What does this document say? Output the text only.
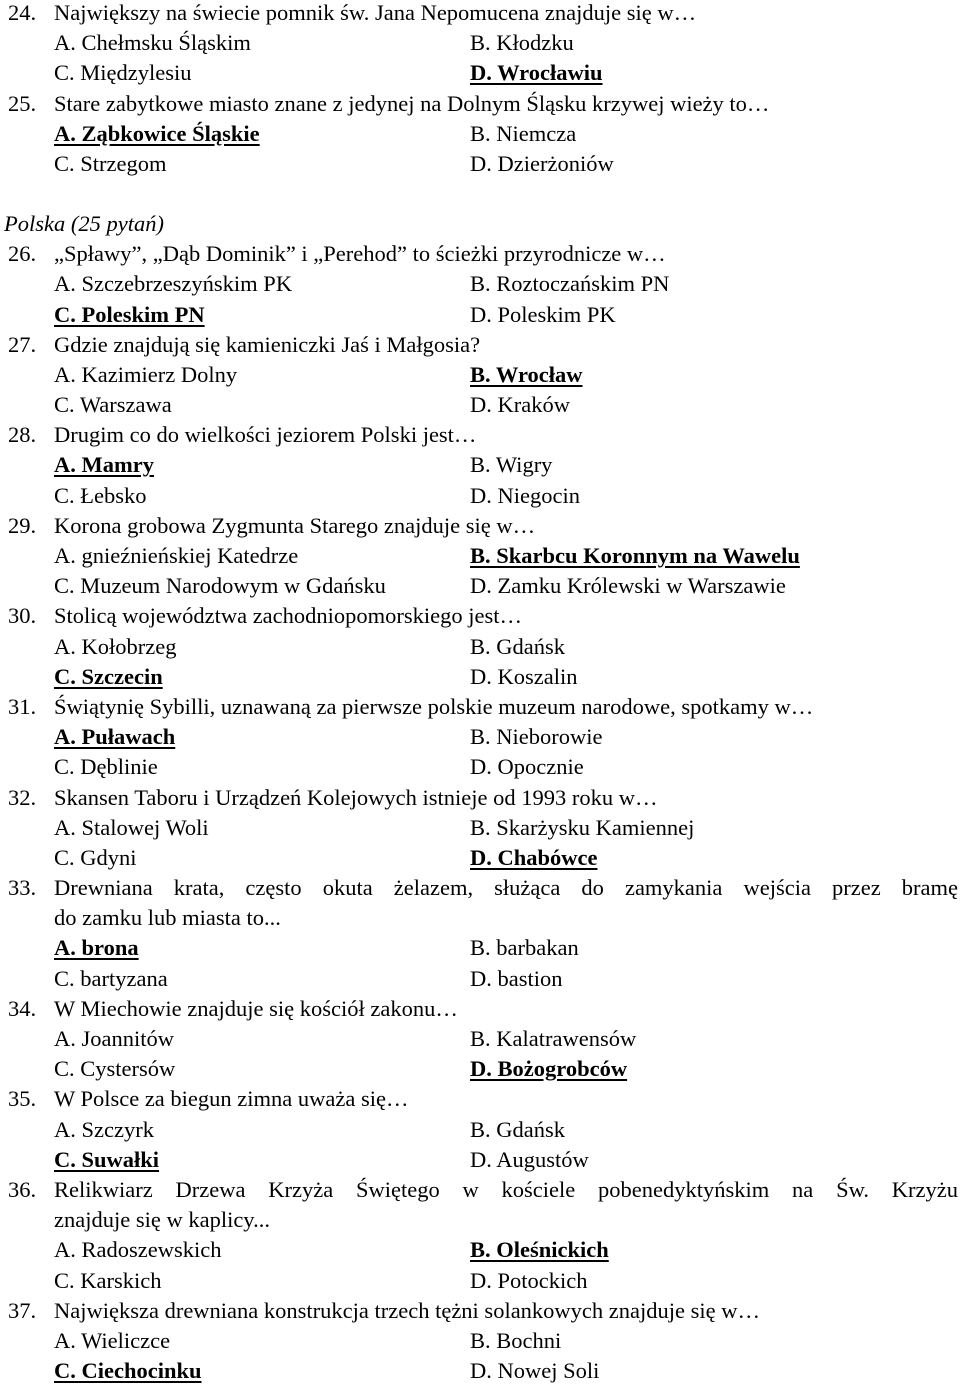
24. Największy na świecie pomnik św. Jana Nepomucena znajduje się w…
A. Chełmsku Śląskim	B. Kłodzku
C. Międzylesiu	D. Wrocławiu
25. Stare zabytkowe miasto znane z jedynej na Dolnym Śląsku krzywej wieży to…
A. Ząbkowice Śląskie	B. Niemcza
C. Strzegom	D. Dzierżoniów
Polska (25 pytań)
26. „Spławy”, „Dąb Dominik” i „Perehod” to ścieżki przyrodnicze w…
A. Szczebrzeszyńskim PK	B. Roztoczańskim PN
C. Poleskim PN	D. Poleskim PK
27. Gdzie znajdują się kamieniczki Jaś i Małgosia?
A. Kazimierz Dolny	B. Wrocław
C. Warszawa	D. Kraków
28. Drugim co do wielkości jeziorem Polski jest…
A. Mamry	B. Wigry
C. Łebsko	D. Niegocin
29. Korona grobowa Zygmunta Starego znajduje się w…
A. gnieźnieńskiej Katedrze	B. Skarbcu Koronnym na Wawelu
C. Muzeum Narodowym w Gdańsku	D. Zamku Królewski w Warszawie
30. Stolicą województwa zachodniopomorskiego jest…
A. Kołobrzeg	B. Gdańsk
C. Szczecin	D. Koszalin
31. Świątynię Sybilli, uznawaną za pierwsze polskie muzeum narodowe, spotkamy w…
A. Puławach	B. Nieborowie
C. Dęblinie	D. Opocznie
32. Skansen Taboru i Urządzeń Kolejowych istnieje od 1993 roku w…
A. Stalowej Woli	B. Skarżysku Kamiennej
C. Gdyni	D. Chabówce
33. Drewniana krata, często okuta żelazem, służąca do zamykania wejścia przez bramę
do zamku lub miasta to...
A. brona	B. barbakan
C. bartyzana	D. bastion
34. W Miechowie znajduje się kościół zakonu…
A. Joannitów	B. Kalatrawensów
C. Cystersów	D. Bożogrobców
35. W Polsce za biegun zimna uważa się…
A. Szczyrk	B. Gdańsk
C. Suwałki	D. Augustów
36. Relikwiarz Drzewa Krzyża Świętego w kościele pobenedyktyńskim na Św. Krzyżu
znajduje się w kaplicy...
A. Radoszewskich	B. Oleśnickich
C. Karskich	D. Potockich
37. Największa drewniana konstrukcja trzech tężni solankowych znajduje się w…
A. Wieliczce	B. Bochni
C. Ciechocinku	D. Nowej Soli
